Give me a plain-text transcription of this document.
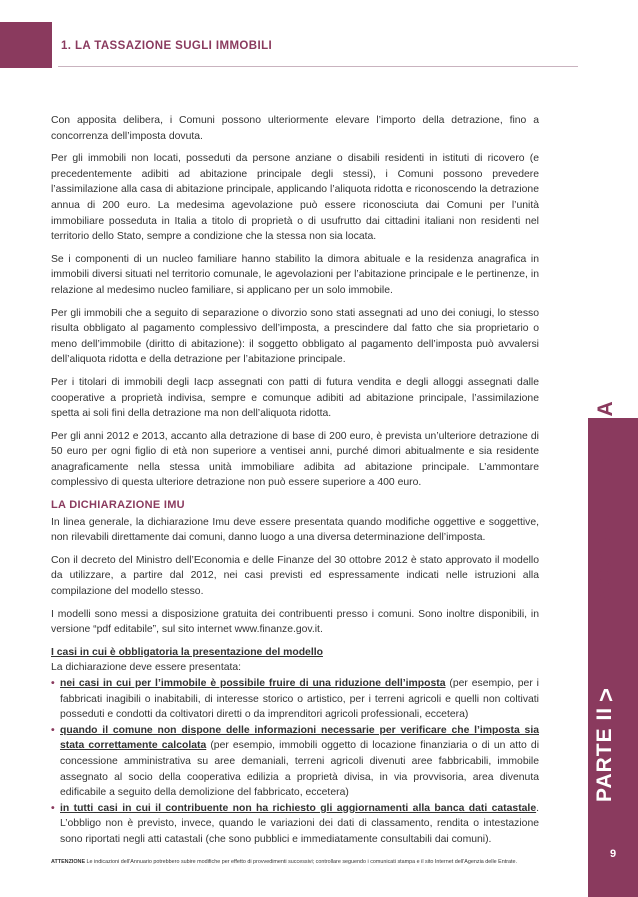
1. LA TASSAZIONE SUGLI IMMOBILI
IL FISCO SULLA CASA
>
PARTE II
9

Con apposita delibera, i Comuni possono ulteriormente elevare l’importo della detrazione, fino a concorrenza dell’imposta dovuta.

Per gli immobili non locati, posseduti da persone anziane o disabili residenti in istituti di ricovero (e precedentemente adibiti ad abitazione principale degli stessi), i Comuni possono prevedere l’assimilazione alla casa di abitazione principale, applicando l’aliquota ridotta e riconoscendo la detrazione annua di 200 euro. La medesima agevolazione può essere riconosciuta dai Comuni per l’unità immobiliare posseduta in Italia a titolo di proprietà o di usufrutto dai cittadini italiani non residenti nel territorio dello Stato, sempre a condizione che la stessa non sia locata.

Se i componenti di un nucleo familiare hanno stabilito la dimora abituale e la residenza anagrafica in immobili diversi situati nel territorio comunale, le agevolazioni per l’abitazione principale e le pertinenze, in relazione al medesimo nucleo familiare, si applicano per un solo immobile.

Per gli immobili che a seguito di separazione o divorzio sono stati assegnati ad uno dei coniugi, lo stesso risulta obbligato al pagamento complessivo dell’imposta, a prescindere dal fatto che sia proprietario o meno dell’immobile (diritto di abitazione): il soggetto obbligato al pagamento dell’imposta può avvalersi dell’aliquota ridotta e della detrazione per l’abitazione principale.

Per i titolari di immobili degli Iacp assegnati con patti di futura vendita e degli alloggi assegnati dalle cooperative a proprietà indivisa, sempre e comunque adibiti ad abitazione principale, l’assimilazione spetta ai soli fini della detrazione ma non dell’aliquota ridotta.

Per gli anni 2012 e 2013, accanto alla detrazione di base di 200 euro, è prevista un’ulteriore detrazione di 50 euro per ogni figlio di età non superiore a ventisei anni, purché dimori abitualmente e sia residente anagraficamente nella stessa unità immobiliare adibita ad abitazione principale. L’ammontare complessivo di questa ulteriore detrazione non può essere superiore a 400 euro.

LA DICHIARAZIONE IMU

In linea generale, la dichiarazione Imu deve essere presentata quando modifiche oggettive e soggettive, non rilevabili direttamente dai comuni, danno luogo a una diversa determinazione dell’imposta.

Con il decreto del Ministro dell’Economia e delle Finanze del 30 ottobre 2012 è stato approvato il modello da utilizzare, a partire dal 2012, nei casi previsti ed espressamente indicati nelle istruzioni alla compilazione del modello stesso.

I modelli sono messi a disposizione gratuita dei contribuenti presso i comuni. Sono inoltre disponibili, in versione “pdf editabile”, sul sito internet www.finanze.gov.it.

I casi in cui è obbligatoria la presentazione del modello
La dichiarazione deve essere presentata:
• nei casi in cui per l’immobile è possibile fruire di una riduzione dell’imposta (per esempio, per i fabbricati inagibili o inabitabili, di interesse storico o artistico, per i terreni agricoli e quelli non coltivati posseduti e condotti da coltivatori diretti o da imprenditori agricoli professionali, eccetera)
• quando il comune non dispone delle informazioni necessarie per verificare che l’imposta sia stata correttamente calcolata (per esempio, immobili oggetto di locazione finanziaria o di un atto di concessione amministrativa su aree demaniali, terreni agricoli divenuti aree fabbricabili, immobile assegnato al socio della cooperativa edilizia a proprietà divisa, in via provvisoria, area divenuta edificabile a seguito della demolizione del fabbricato, eccetera)
• in tutti casi in cui il contribuente non ha richiesto gli aggiornamenti alla banca dati catastale. L’obbligo non è previsto, invece, quando le variazioni dei dati di classamento, rendita o intestazione sono riportati negli atti catastali (che sono pubblici e immediatamente consultabili dai comuni).
ATTENZIONE Le indicazioni dell’Annuario potrebbero subire modifiche per effetto di provvedimenti successivi; controllare seguendo i comunicati stampa e il sito Internet dell’Agenzia delle Entrate.
